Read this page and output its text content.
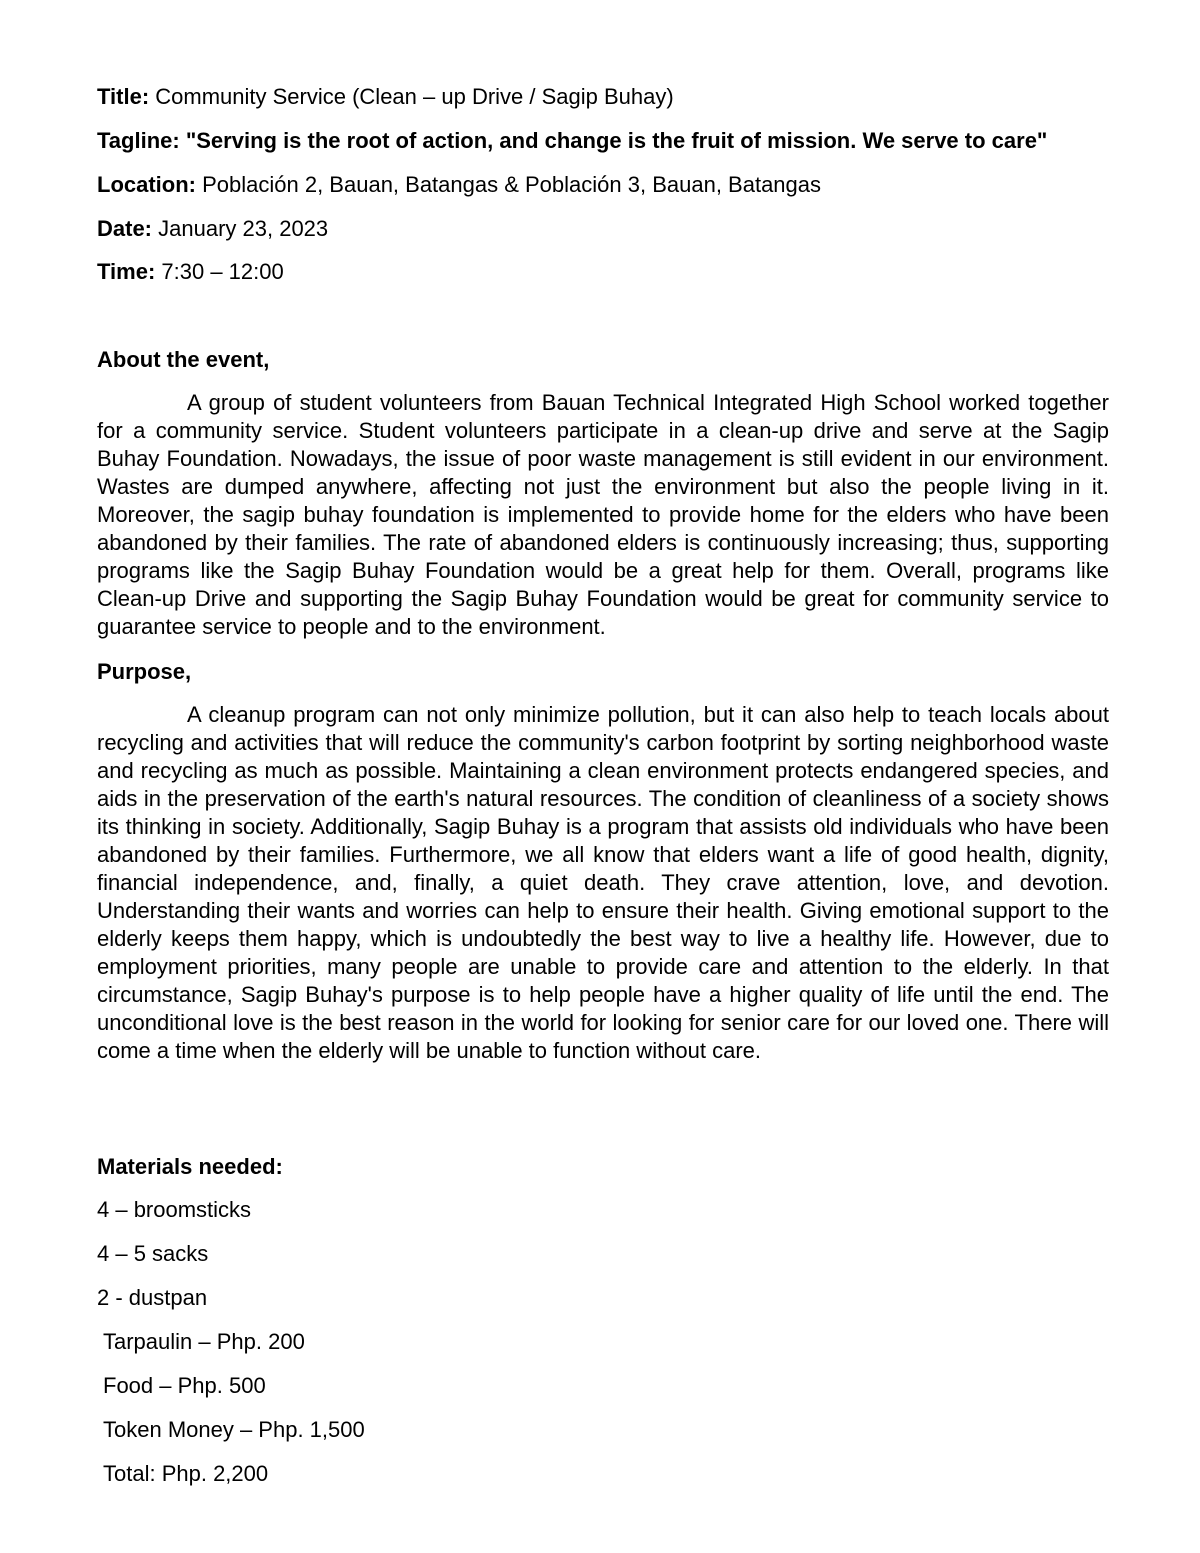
Title: Community Service (Clean – up Drive / Sagip Buhay)

Tagline: "Serving is the root of action, and change is the fruit of mission. We serve to care"

Location: Población 2, Bauan, Batangas & Población 3, Bauan, Batangas

Date: January 23, 2023

Time: 7:30 – 12:00

About the event,

A group of student volunteers from Bauan Technical Integrated High School worked together for a community service. Student volunteers participate in a clean-up drive and serve at the Sagip Buhay Foundation. Nowadays, the issue of poor waste management is still evident in our environment. Wastes are dumped anywhere, affecting not just the environment but also the people living in it. Moreover, the sagip buhay foundation is implemented to provide home for the elders who have been abandoned by their families. The rate of abandoned elders is continuously increasing; thus, supporting programs like the Sagip Buhay Foundation would be a great help for them. Overall, programs like Clean-up Drive and supporting the Sagip Buhay Foundation would be great for community service to guarantee service to people and to the environment.

Purpose,

A cleanup program can not only minimize pollution, but it can also help to teach locals about recycling and activities that will reduce the community's carbon footprint by sorting neighborhood waste and recycling as much as possible. Maintaining a clean environment protects endangered species, and aids in the preservation of the earth's natural resources. The condition of cleanliness of a society shows its thinking in society. Additionally, Sagip Buhay is a program that assists old individuals who have been abandoned by their families. Furthermore, we all know that elders want a life of good health, dignity, financial independence, and, finally, a quiet death. They crave attention, love, and devotion. Understanding their wants and worries can help to ensure their health. Giving emotional support to the elderly keeps them happy, which is undoubtedly the best way to live a healthy life. However, due to employment priorities, many people are unable to provide care and attention to the elderly. In that circumstance, Sagip Buhay's purpose is to help people have a higher quality of life until the end. The unconditional love is the best reason in the world for looking for senior care for our loved one. There will come a time when the elderly will be unable to function without care.

Materials needed:

4 – broomsticks
4 – 5 sacks
2 - dustpan
Tarpaulin – Php. 200
Food – Php. 500
Token Money – Php. 1,500
Total: Php. 2,200
